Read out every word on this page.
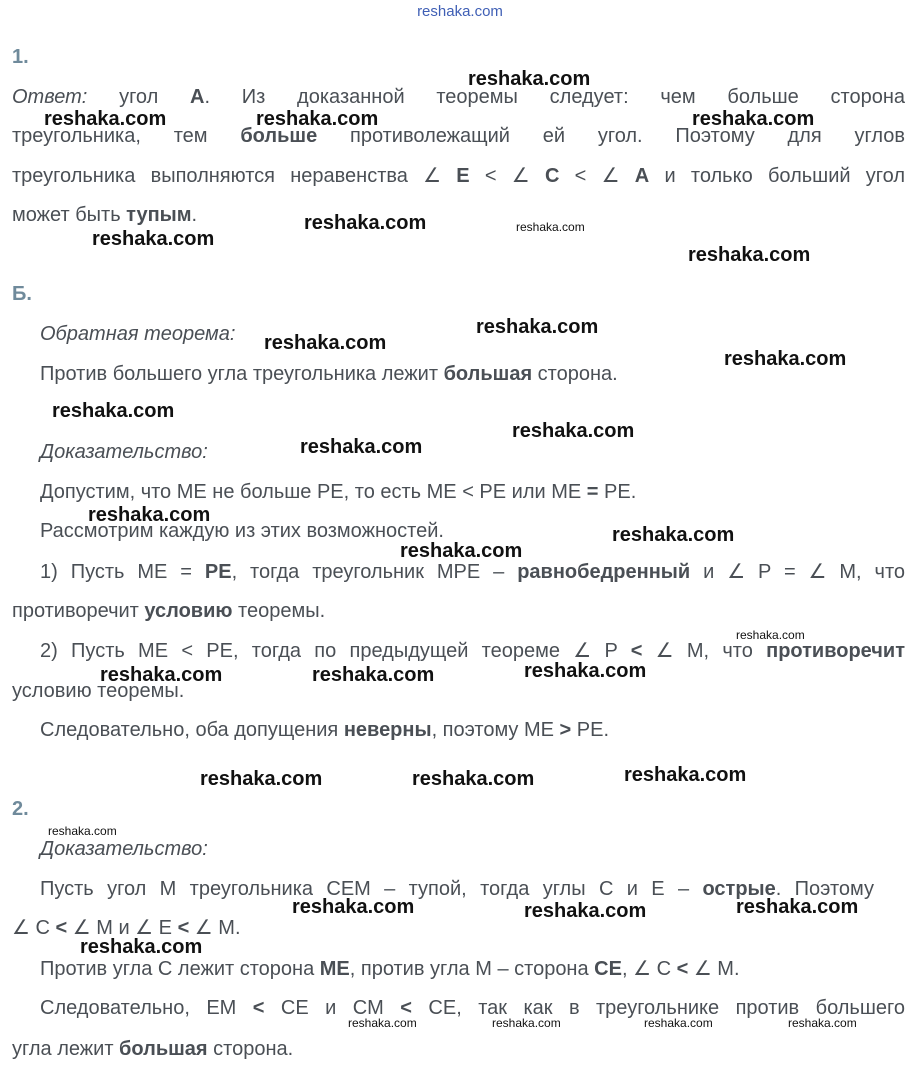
reshaka.com
1.
Ответ: угол А. Из доказанной теоремы следует: чем больше сторона
треугольника, тем больше противолежащий ей угол. Поэтому для углов
треугольника выполняются неравенства ∠ E < ∠ C < ∠ A и только больший угол
может быть тупым.
Б.
Обратная теорема:
Против большего угла треугольника лежит большая сторона.
Доказательство:
Допустим, что ME не больше PE, то есть ME < PE или ME = PE.
Рассмотрим каждую из этих возможностей.
1) Пусть ME = PE, тогда треугольник MPE – равнобедренный и ∠ P = ∠ M, что
противоречит условию теоремы.
2) Пусть ME < PE, тогда по предыдущей теореме ∠ P < ∠ M, что противоречит
условию теоремы.
Следовательно, оба допущения неверны, поэтому ME > PE.
2.
Доказательство:
Пусть угол M треугольника CEM – тупой, тогда углы C и E – острые. Поэтому
∠ C < ∠ M и ∠ E < ∠ M.
Против угла C лежит сторона ME, против угла M – сторона CE, ∠ C < ∠ M.
Следовательно, EM < CE и CM < CE, так как в треугольнике против большего
угла лежит большая сторона.
reshaka.com
reshaka.com	reshaka.com	reshaka.com
reshaka.com	reshaka.com
reshaka.com
reshaka.com
reshaka.com
reshaka.com
reshaka.com
reshaka.com
reshaka.com
reshaka.com
reshaka.com
reshaka.com
reshaka.com
reshaka.com
reshaka.com
reshaka.com	reshaka.com
reshaka.com
reshaka.com	reshaka.com
reshaka.com
reshaka.com	reshaka.com
reshaka.com
reshaka.com
reshaka.com	reshaka.com	reshaka.com	reshaka.com
